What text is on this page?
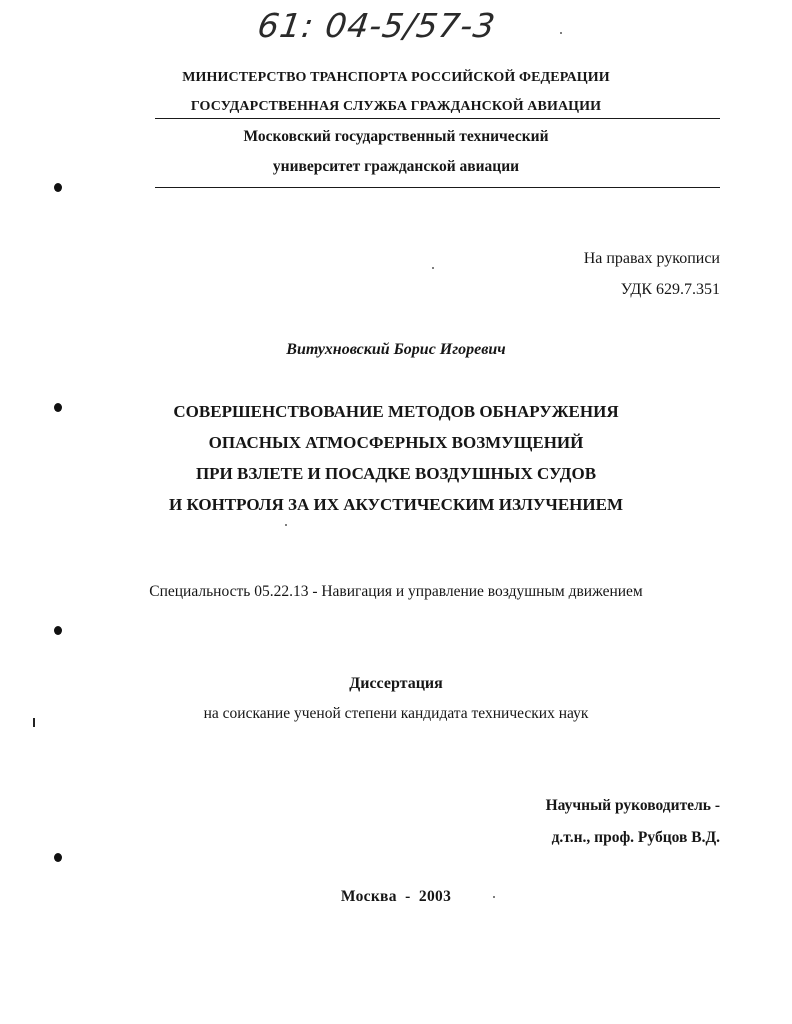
61: 04-5/57-3
МИНИСТЕРСТВО ТРАНСПОРТА РОССИЙСКОЙ ФЕДЕРАЦИИ
ГОСУДАРСТВЕННАЯ СЛУЖБА ГРАЖДАНСКОЙ АВИАЦИИ
Московский государственный технический
университет гражданской авиации
На правах рукописи
УДК 629.7.351
Витухновский Борис Игоревич
СОВЕРШЕНСТВОВАНИЕ МЕТОДОВ ОБНАРУЖЕНИЯ
ОПАСНЫХ АТМОСФЕРНЫХ ВОЗМУЩЕНИЙ
ПРИ ВЗЛЕТЕ И ПОСАДКЕ ВОЗДУШНЫХ СУДОВ
И КОНТРОЛЯ ЗА ИХ АКУСТИЧЕСКИМ ИЗЛУЧЕНИЕМ
Специальность 05.22.13 - Навигация и управление воздушным движением
Диссертация
на соискание ученой степени кандидата технических наук
Научный руководитель -
д.т.н., проф. Рубцов В.Д.
Москва  -  2003
